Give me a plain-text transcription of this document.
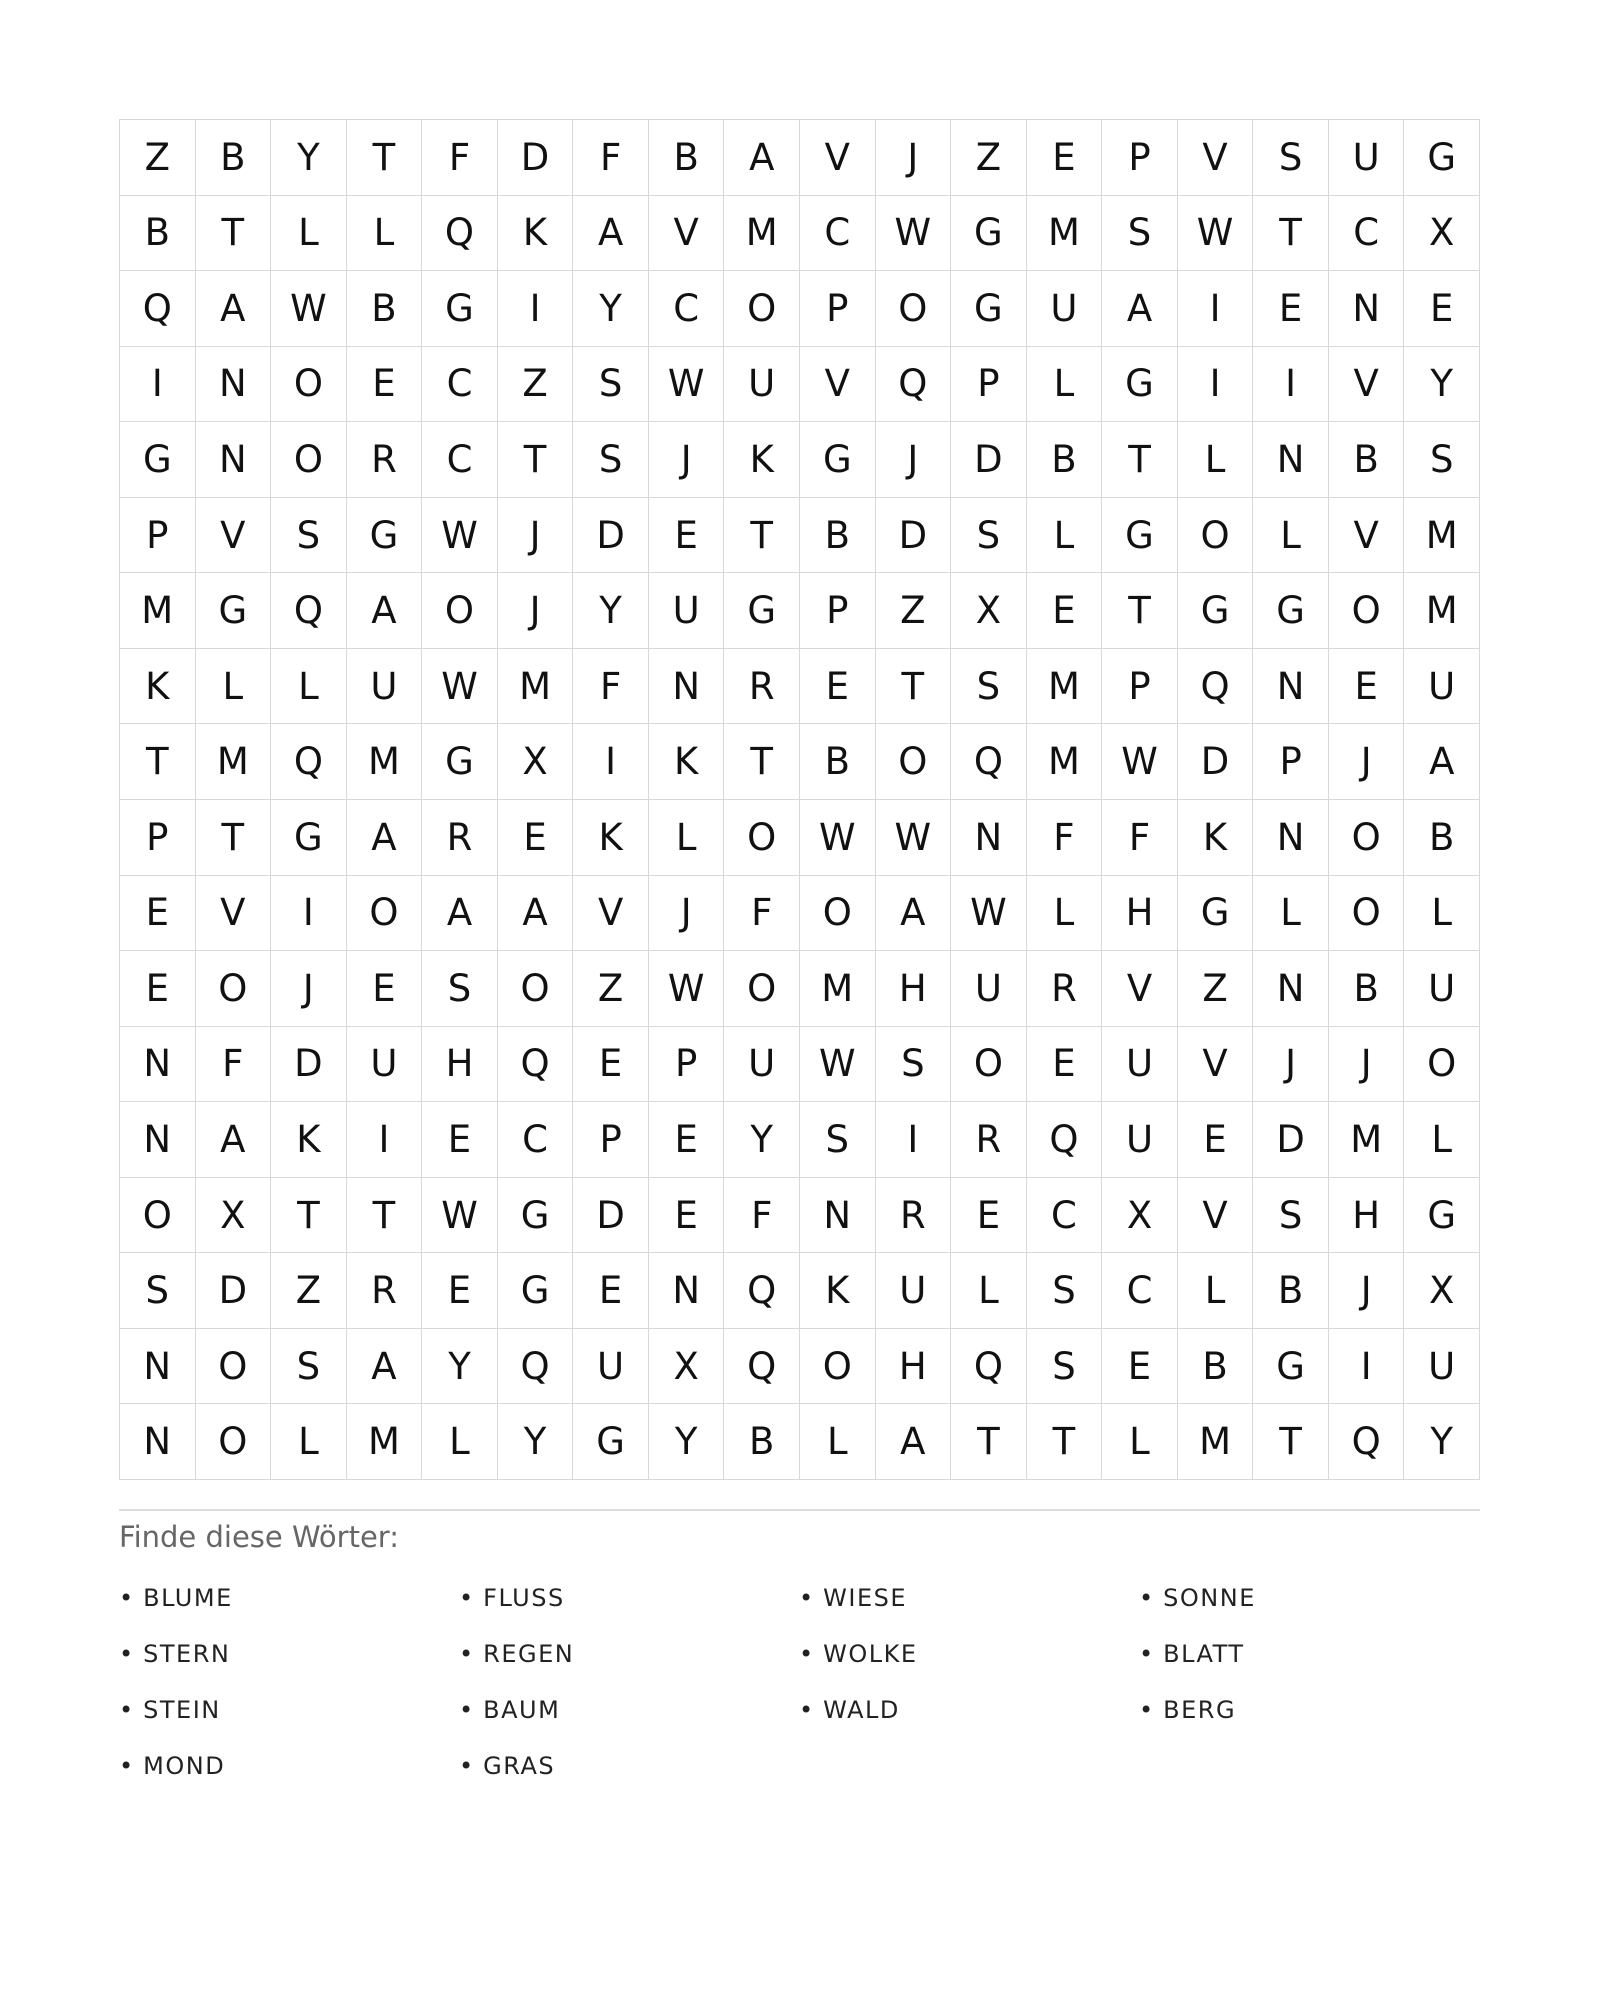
Z	B	Y	T	F	D	F	B	A	V	J	Z	E	P	V	S	U	G
B	T	L	L	Q	K	A	V	M	C	W	G	M	S	W	T	C	X
Q	A	W	B	G	I	Y	C	O	P	O	G	U	A	I	E	N	E
I	N	O	E	C	Z	S	W	U	V	Q	P	L	G	I	I	V	Y
G	N	O	R	C	T	S	J	K	G	J	D	B	T	L	N	B	S
P	V	S	G	W	J	D	E	T	B	D	S	L	G	O	L	V	M
M	G	Q	A	O	J	Y	U	G	P	Z	X	E	T	G	G	O	M
K	L	L	U	W	M	F	N	R	E	T	S	M	P	Q	N	E	U
T	M	Q	M	G	X	I	K	T	B	O	Q	M	W	D	P	J	A
P	T	G	A	R	E	K	L	O	W	W	N	F	F	K	N	O	B
E	V	I	O	A	A	V	J	F	O	A	W	L	H	G	L	O	L
E	O	J	E	S	O	Z	W	O	M	H	U	R	V	Z	N	B	U
N	F	D	U	H	Q	E	P	U	W	S	O	E	U	V	J	J	O
N	A	K	I	E	C	P	E	Y	S	I	R	Q	U	E	D	M	L
O	X	T	T	W	G	D	E	F	N	R	E	C	X	V	S	H	G
S	D	Z	R	E	G	E	N	Q	K	U	L	S	C	L	B	J	X
N	O	S	A	Y	Q	U	X	Q	O	H	Q	S	E	B	G	I	U
N	O	L	M	L	Y	G	Y	B	L	A	T	T	L	M	T	Q	Y
Finde diese Wörter:
• BLUME	• FLUSS	• WIESE	• SONNE
• STERN	• REGEN	• WOLKE	• BLATT
• STEIN	• BAUM	• WALD	• BERG
• MOND	• GRAS
